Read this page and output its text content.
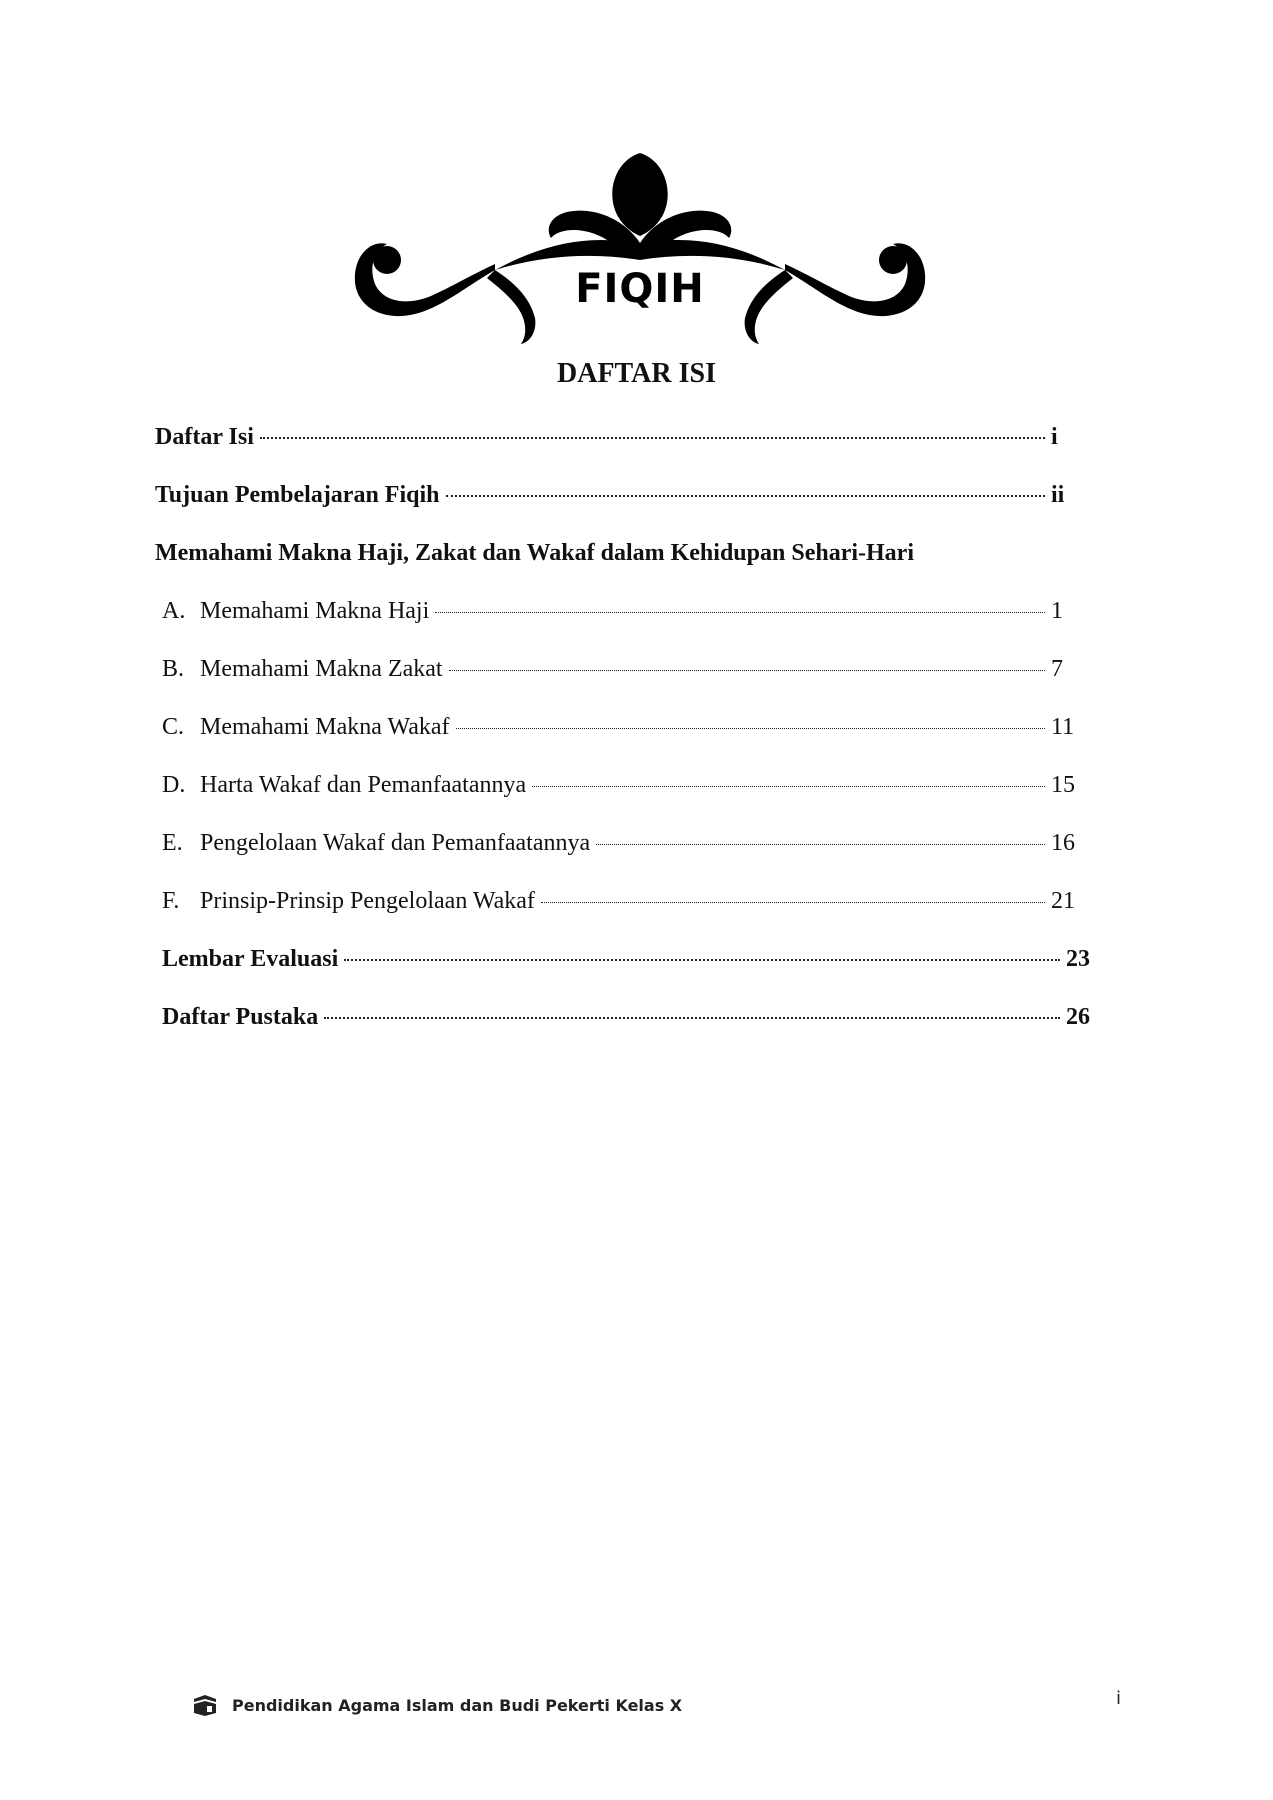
FIQIH
DAFTAR ISI
Daftar Isi	i
Tujuan Pembelajaran Fiqih	ii
Memahami Makna Haji, Zakat dan Wakaf dalam Kehidupan Sehari-Hari
A. Memahami Makna Haji	1
B. Memahami Makna Zakat	7
C. Memahami Makna Wakaf	11
D. Harta Wakaf dan Pemanfaatannya	15
E. Pengelolaan Wakaf dan Pemanfaatannya	16
F. Prinsip-Prinsip Pengelolaan Wakaf	21
Lembar Evaluasi	23
Daftar Pustaka	26
Pendidikan Agama Islam dan Budi Pekerti Kelas X	i
